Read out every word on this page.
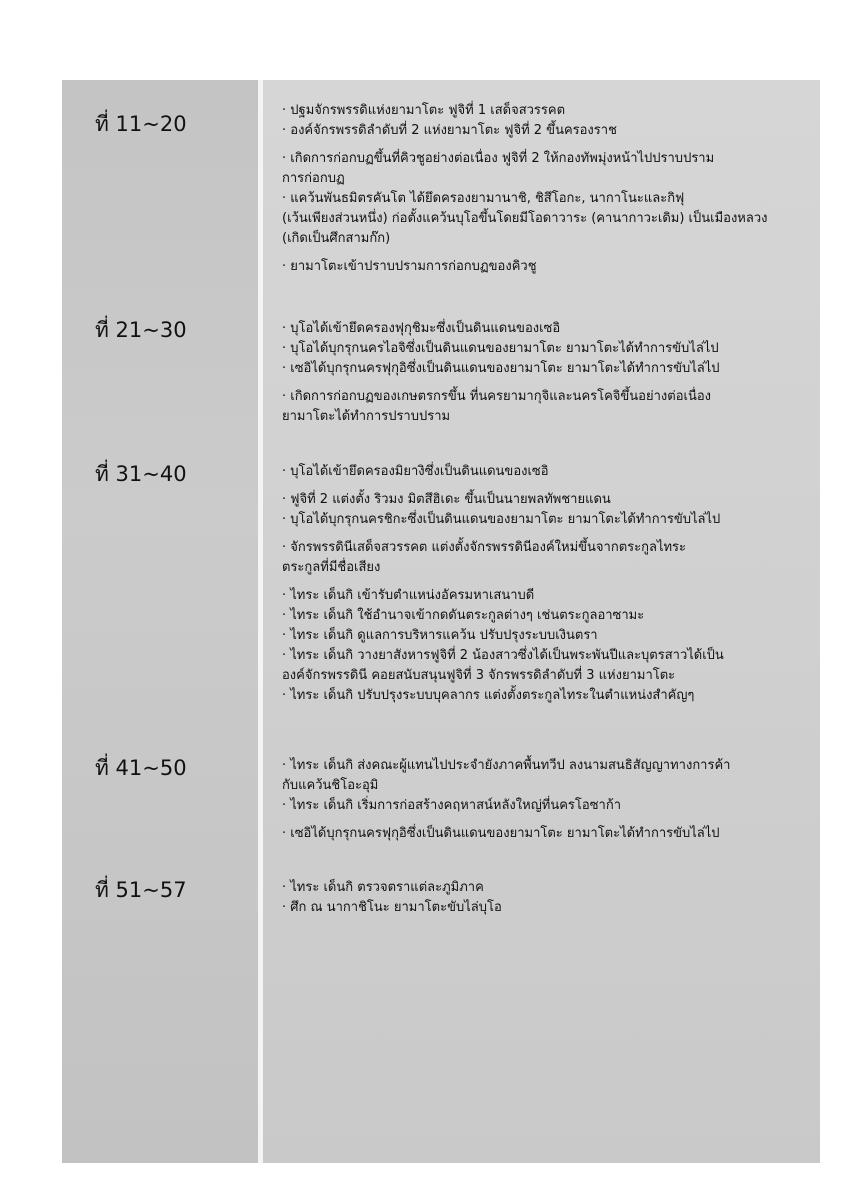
ที่ 11~20
ที่ 21~30
ที่ 31~40
ที่ 41~50
ที่ 51~57
· ปฐมจักรพรรดิแห่งยามาโตะ ฟูจิที่ 1 เสด็จสวรรคต
· องค์จักรพรรดิลำดับที่ 2 แห่งยามาโตะ ฟูจิที่ 2 ขึ้นครองราช
· เกิดการก่อกบฏขึ้นที่คิวชูอย่างต่อเนื่อง ฟูจิที่ 2 ให้กองทัพมุ่งหน้าไปปราบปราม
การก่อกบฏ
· แคว้นพันธมิตรคันโต ได้ยึดครองยามานาชิ, ชิสึโอกะ, นากาโนะและกิฟุ
(เว้นเพียงส่วนหนึ่ง) ก่อตั้งแคว้นบุโอขึ้นโดยมีโอดาวาระ (คานากาวะเดิม) เป็นเมืองหลวง
(เกิดเป็นศึกสามก๊ก)
· ยามาโตะเข้าปราบปรามการก่อกบฏของคิวชู
· บุโอได้เข้ายึดครองฟุกุชิมะซึ่งเป็นดินแดนของเซอิ
· บุโอได้บุกรุกนครไอจิซึ่งเป็นดินแดนของยามาโตะ ยามาโตะได้ทำการขับไล่ไป
· เซอิได้บุกรุกนครฟุกุอิซึ่งเป็นดินแดนของยามาโตะ ยามาโตะได้ทำการขับไล่ไป
· เกิดการก่อกบฏของเกษตรกรขึ้น ที่นครยามากุจิและนครโคจิขึ้นอย่างต่อเนื่อง
ยามาโตะได้ทำการปราบปราม
· บุโอได้เข้ายึดครองมิยางิซึ่งเป็นดินแดนของเซอิ
· ฟูจิที่ 2 แต่งตั้ง ริวมง มิตสึฮิเดะ ขึ้นเป็นนายพลทัพชายแดน
· บุโอได้บุกรุกนครชิกะซึ่งเป็นดินแดนของยามาโตะ ยามาโตะได้ทำการขับไล่ไป
· จักรพรรดินีเสด็จสวรรคต แต่งตั้งจักรพรรดินีองค์ใหม่ขึ้นจากตระกูลไทระ
ตระกูลที่มีชื่อเสียง
· ไทระ เด็นกิ เข้ารับตำแหน่งอัครมหาเสนาบดี
· ไทระ เด็นกิ ใช้อำนาจเข้ากดดันตระกูลต่างๆ เช่นตระกูลอาซามะ
· ไทระ เด็นกิ ดูแลการบริหารแคว้น ปรับปรุงระบบเงินตรา
· ไทระ เด็นกิ วางยาสังหารฟูจิที่ 2 น้องสาวซึ่งได้เป็นพระพันปีและบุตรสาวได้เป็น
องค์จักรพรรดินี คอยสนับสนุนฟูจิที่ 3 จักรพรรดิลำดับที่ 3 แห่งยามาโตะ
· ไทระ เด็นกิ ปรับปรุงระบบบุคลากร แต่งตั้งตระกูลไทระในตำแหน่งสำคัญๆ
· ไทระ เด็นกิ ส่งคณะผู้แทนไปประจำยังภาคพื้นทวีป ลงนามสนธิสัญญาทางการค้า
กับแคว้นชิโอะอุมิ
· ไทระ เด็นกิ เริ่มการก่อสร้างคฤหาสน์หลังใหญ่ที่นครโอซาก้า
· เซอิได้บุกรุกนครฟุกุอิซึ่งเป็นดินแดนของยามาโตะ ยามาโตะได้ทำการขับไล่ไป
· ไทระ เด็นกิ ตรวจตราแต่ละภูมิภาค
· ศึก ณ นากาชิโนะ ยามาโตะขับไล่บุโอ
